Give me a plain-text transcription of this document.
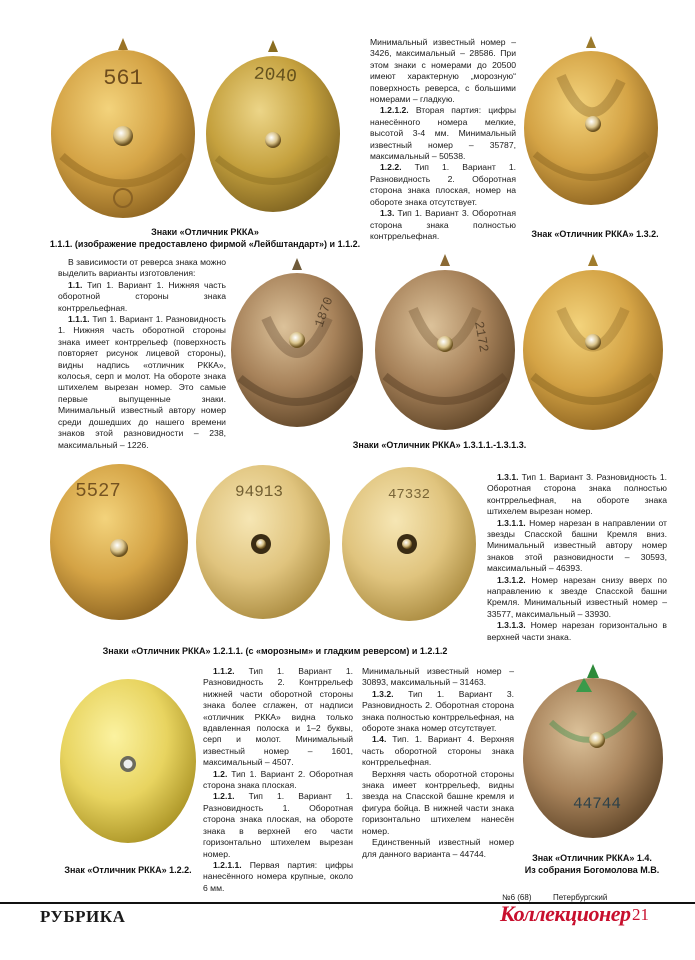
561	2040
1870
2172
5527	94913	47332
44744
Знаки «Отличник РККА»
1.1.1. (изображение предоставлено фирмой «Лейбштандарт») и 1.1.2.
Знак «Отличник РККА» 1.3.2.
Знаки «Отличник РККА» 1.3.1.1.-1.3.1.3.
Знаки «Отличник РККА» 1.2.1.1. (с «морозным» и гладким реверсом) и 1.2.1.2
Знак «Отличник РККА» 1.2.2.
Знак «Отличник РККА» 1.4.
Из собрания Богомолова М.В.

Минимальный известный номер – 3426, максимальный – 28586. При этом знаки с номерами до 20500 имеют характерную „морозную“ поверхность реверса, с большими номерами – гладкую.

1.2.1.2. Вторая партия: цифры нанесённого номера мелкие, высотой 3-4 мм. Минимальный известный номер – 35787, максимальный – 50538.

1.2.2. Тип 1. Вариант 1. Разновидность 2. Оборотная сторона знака плоская, номер на обороте знака отсутствует.

1.3. Тип 1. Вариант 3. Оборотная сторона знака полностью контррельефная.

В зависимости от реверса знака можно выделить варианты изготовления:

1.1. Тип 1. Вариант 1. Нижняя часть оборотной стороны знака контррельефная.

1.1.1. Тип 1. Вариант 1. Разновидность 1. Нижняя часть оборотной стороны знака имеет контррельеф (поверхность повторяет рисунок лицевой стороны), видны надпись «отличник РККА», колосья, серп и молот. На обороте знака штихелем вырезан номер. Это самые первые выпущенные знаки. Минимальный известный автору номер среди дошедших до нашего времени знаков этой разновидности – 238, максимальный – 1226.

1.3.1. Тип 1. Вариант 3. Разновидность 1. Оборотная сторона знака полностью контррельефная, на обороте знака штихелем вырезан номер.

1.3.1.1. Номер нарезан в направлении от звезды Спасской башни Кремля вниз. Минимальный известный автору номер знаков этой разновидности – 30593, максимальный – 46393.

1.3.1.2. Номер нарезан снизу вверх по направлению к звезде Спасской башни Кремля. Минимальный известный номер – 33577, максимальный – 33930.

1.3.1.3. Номер нарезан горизонтально в верхней части знака.

1.1.2. Тип 1. Вариант 1. Разновидность 2. Контррельеф нижней части оборотной стороны знака более сглажен, от надписи «отличник РККА» видна только вдавленная полоска и 1–2 буквы, серп и молот. Минимальный известный номер – 1601, максимальный – 4507.

1.2. Тип 1. Вариант 2. Оборотная сторона знака плоская.

1.2.1. Тип 1. Вариант 1. Разновидность 1. Оборотная сторона знака плоская, на обороте знака в верхней его части горизонтально штихелем вырезан номер.

1.2.1.1. Первая партия: цифры нанесённого номера крупные, около 6 мм.

Минимальный известный номер – 30893, максимальный – 31463.

1.3.2. Тип 1. Вариант 3. Разновидность 2. Оборотная сторона знака полностью контррельефная, на обороте знака номер отсутствует.

1.4. Тип. 1. Вариант 4. Верхняя часть оборотной стороны знака контррельефная.

Верхняя часть оборотной стороны знака имеет контррельеф, видны звезда на Спасской башне кремля и фигура бойца. В нижней части знака горизонтально штихелем нанесён номер.

Единственный известный номер для данного варианта – 44744.

РУБРИКА
№6 (68)	Петербургский
Коллекционер 21
